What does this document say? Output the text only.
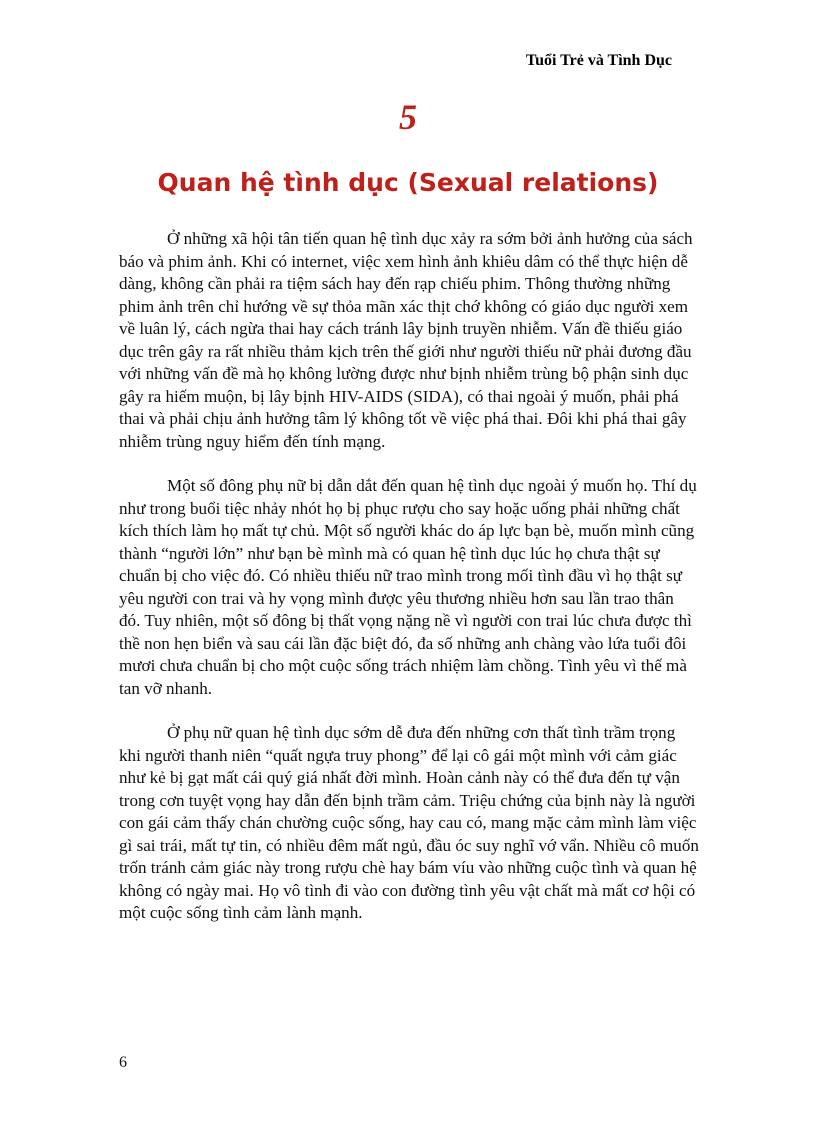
Tuổi Trẻ và Tình Dục
5
Quan hệ tình dục (Sexual relations)

Ở những xã hội tân tiến quan hệ tình dục xảy ra sớm bởi ảnh hưởng của sách báo và phim ảnh. Khi có internet, việc xem hình ảnh khiêu dâm có thể thực hiện dễ dàng, không cần phải ra tiệm sách hay đến rạp chiếu phim. Thông thường những phim ảnh trên chỉ hướng về sự thỏa mãn xác thịt chớ không có giáo dục người xem về luân lý, cách ngừa thai hay cách tránh lây bịnh truyền nhiễm. Vấn đề thiếu giáo dục trên gây ra rất nhiều thảm kịch trên thế giới như người thiếu nữ phải đương đầu với những vấn đề mà họ không lường được như bịnh nhiễm trùng bộ phận sinh dục gây ra hiếm muộn, bị lây bịnh HIV-AIDS (SIDA), có thai ngoài ý muốn, phải phá thai và phải chịu ảnh hưởng tâm lý không tốt về việc phá thai. Đôi khi phá thai gây nhiễm trùng nguy hiểm đến tính mạng.

Một số đông phụ nữ bị dẫn dắt đến quan hệ tình dục ngoài ý muốn họ. Thí dụ như trong buổi tiệc nhảy nhót họ bị phục rượu cho say hoặc uống phải những chất kích thích làm họ mất tự chủ. Một số người khác do áp lực bạn bè, muốn mình cũng thành “người lớn” như bạn bè mình mà có quan hệ tình dục lúc họ chưa thật sự chuẩn bị cho việc đó. Có nhiều thiếu nữ trao mình trong mối tình đầu vì họ thật sự yêu người con trai và hy vọng mình được yêu thương nhiều hơn sau lần trao thân đó. Tuy nhiên, một số đông bị thất vọng nặng nề vì người con trai lúc chưa được thì thề non hẹn biển và sau cái lần đặc biệt đó, đa số những anh chàng vào lứa tuổi đôi mươi chưa chuẩn bị cho một cuộc sống trách nhiệm làm chồng. Tình yêu vì thế mà tan vỡ nhanh.

Ở phụ nữ quan hệ tình dục sớm dễ đưa đến những cơn thất tình trầm trọng khi người thanh niên “quất ngựa truy phong” để lại cô gái một mình với cảm giác như kẻ bị gạt mất cái quý giá nhất đời mình. Hoàn cảnh này có thể đưa đến tự vận trong cơn tuyệt vọng hay dẫn đến bịnh trầm cảm. Triệu chứng của bịnh này là người con gái cảm thấy chán chường cuộc sống, hay cau có, mang mặc cảm mình làm việc gì sai trái, mất tự tin, có nhiều đêm mất ngủ, đầu óc suy nghĩ vớ vẩn. Nhiều cô muốn trốn tránh cảm giác này trong rượu chè hay bám víu vào những cuộc tình và quan hệ không có ngày mai. Họ vô tình đi vào con đường tình yêu vật chất mà mất cơ hội có một cuộc sống tình cảm lành mạnh.

6
